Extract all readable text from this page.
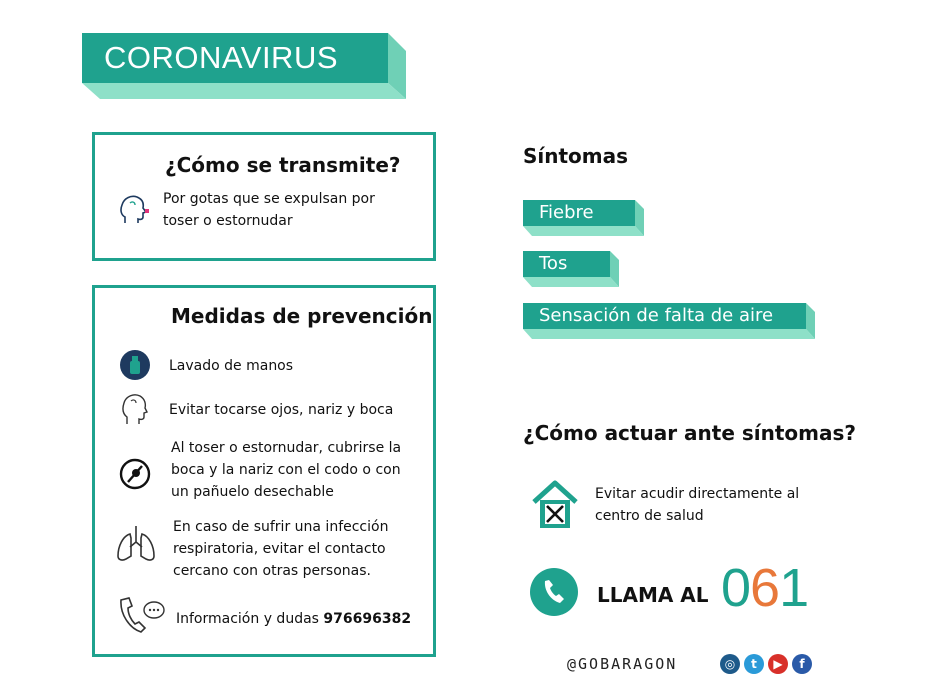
CORONAVIRUS
¿Cómo se transmite?
Por gotas que se expulsan por toser o estornudar
Medidas de prevención
Lavado de manos
Evitar tocarse ojos, nariz y boca
Al toser o estornudar, cubrirse la boca y la nariz con el codo o con un pañuelo desechable
En caso de sufrir una infección respiratoria, evitar el contacto cercano con otras personas.
Información y dudas 976696382
Síntomas
Fiebre
Tos
Sensación de falta de aire
¿Cómo actuar ante síntomas?
Evitar acudir directamente al centro de salud
LLAMA AL 061
@GOBARAGON	◎	t	▶	f
